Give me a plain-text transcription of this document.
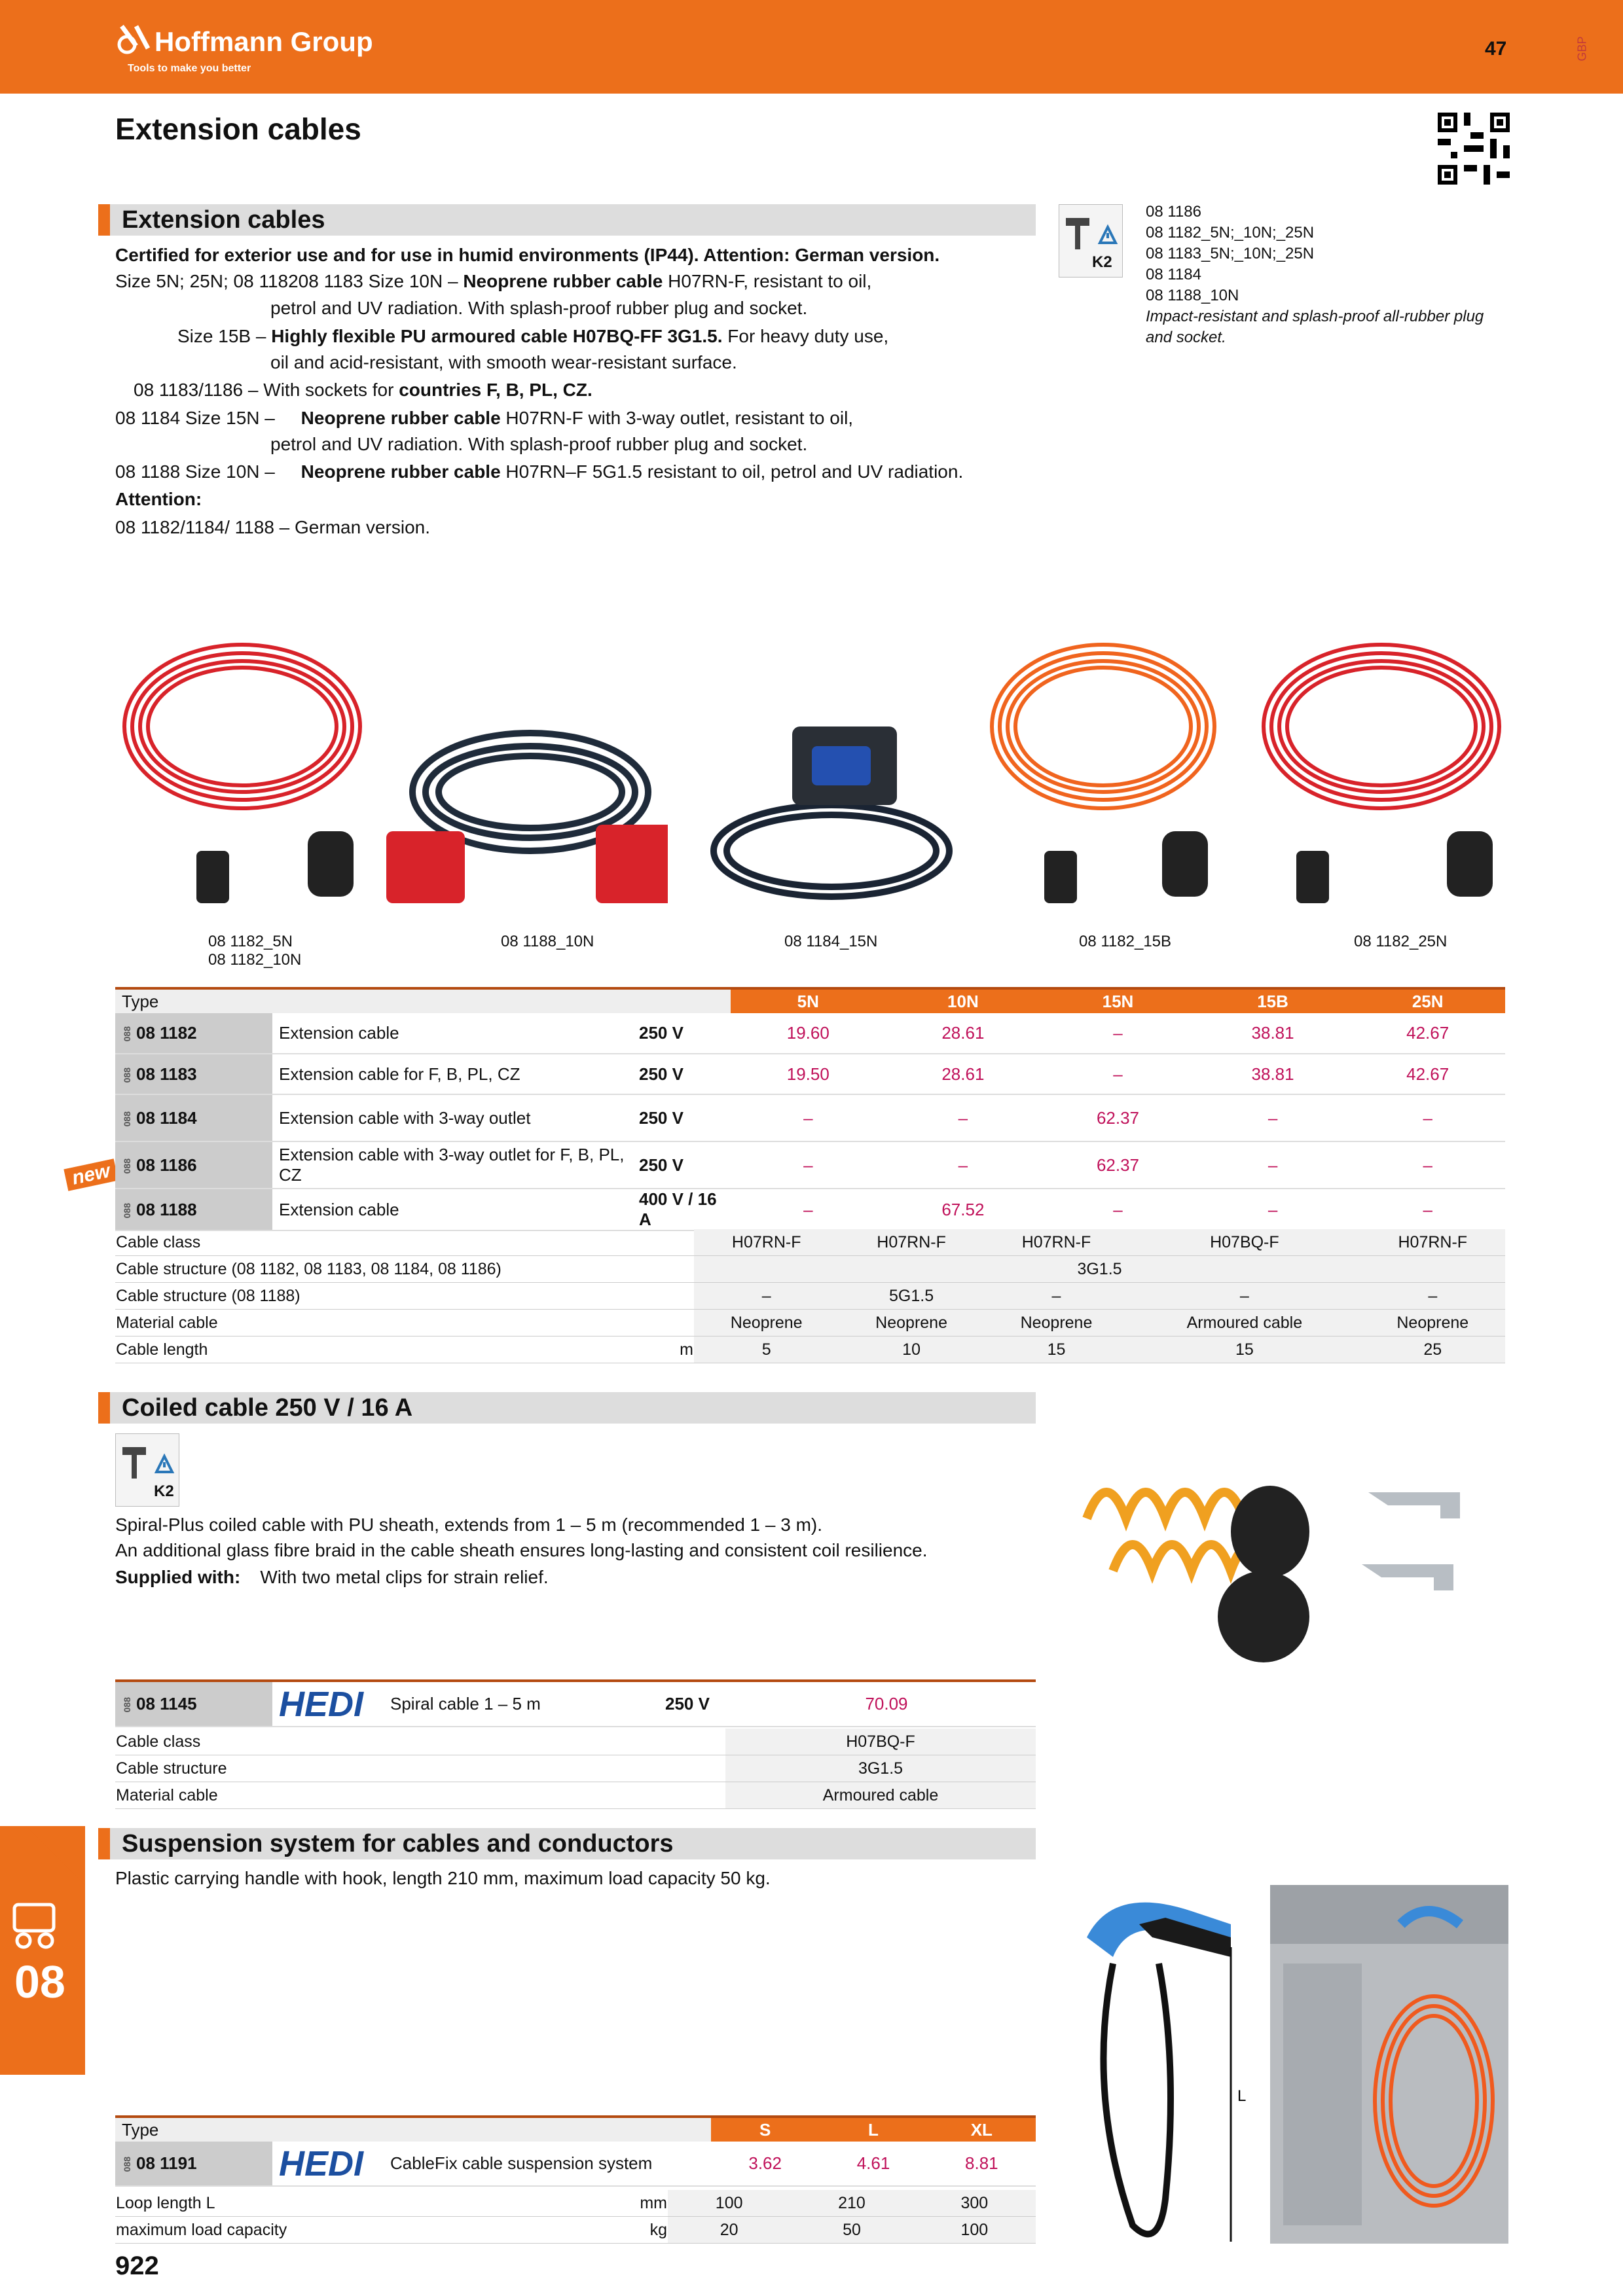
Hoffmann Group
Tools to make you better
47	GBP
Extension cables
Extension cables
Certified for exterior use and for use in humid environments (IP44). Attention: German version.
Size 5N; 25N; 08 118208 1183 Size 10N – Neoprene rubber cable H07RN-F, resistant to oil,
petrol and UV radiation. With splash-proof rubber plug and socket.
Size 15B – Highly flexible PU armoured cable H07BQ-FF 3G1.5. For heavy duty use,
oil and acid-resistant, with smooth wear-resistant surface.
08 1183/1186 – With sockets for countries F, B, PL, CZ.
08 1184 Size 15N – Neoprene rubber cable H07RN-F with 3-way outlet, resistant to oil,
petrol and UV radiation. With splash-proof rubber plug and socket.
08 1188 Size 10N – Neoprene rubber cable H07RN–F 5G1.5 resistant to oil, petrol and UV radiation.
Attention:
08 1182/1184/ 1188 – German version.
K2
08 1186
08 1182_5N;_10N;_25N
08 1183_5N;_10N;_25N
08 1184
08 1188_10N
Impact-resistant and splash-proof all-rubber plug and socket.
08 1182_5N
08 1182_10N
08 1188_10N	08 1184_15N	08 1182_15B	08 1182_25N
new
Type			5N	10N	15N	15B	25N
088 08 1182	Extension cable	250 V	19.60	28.61	–	38.81	42.67
088 08 1183	Extension cable for F, B, PL, CZ	250 V	19.50	28.61	–	38.81	42.67
088 08 1184	Extension cable with 3-way outlet	250 V	–	–	62.37	–	–
088 08 1186	Extension cable with 3-way outlet for F, B, PL, CZ	250 V	–	–	62.37	–	–
088 08 1188	Extension cable	400 V / 16 A	–	67.52	–	–	–
Cable class		H07RN-F	H07RN-F	H07RN-F	H07BQ-F	H07RN-F
Cable structure (08 1182, 08 1183, 08 1184, 08 1186)		3G1.5				
Cable structure (08 1188)		–	5G1.5	–	–	–
Material cable		Neoprene	Neoprene	Neoprene	Armoured cable	Neoprene
Cable length	m	5	10	15	15	25
Coiled cable 250 V / 16 A
K2
Spiral-Plus coiled cable with PU sheath, extends from 1 – 5 m (recommended 1 – 3 m).
An additional glass fibre braid in the cable sheath ensures long-lasting and consistent coil resilience.
Supplied with: With two metal clips for strain relief.
088 08 1145	HEDI	Spiral cable 1 – 5 m	250 V	70.09
Cable class	H07BQ-F
Cable structure	3G1.5
Material cable	Armoured cable
Suspension system for cables and conductors
Plastic carrying handle with hook, length 210 mm, maximum load capacity 50 kg.
L
Type			S	L	XL
088 08 1191	HEDI	CableFix cable suspension system	3.62	4.61	8.81
Loop length L	mm	100	210	300
maximum load capacity	kg	20	50	100
08
922
